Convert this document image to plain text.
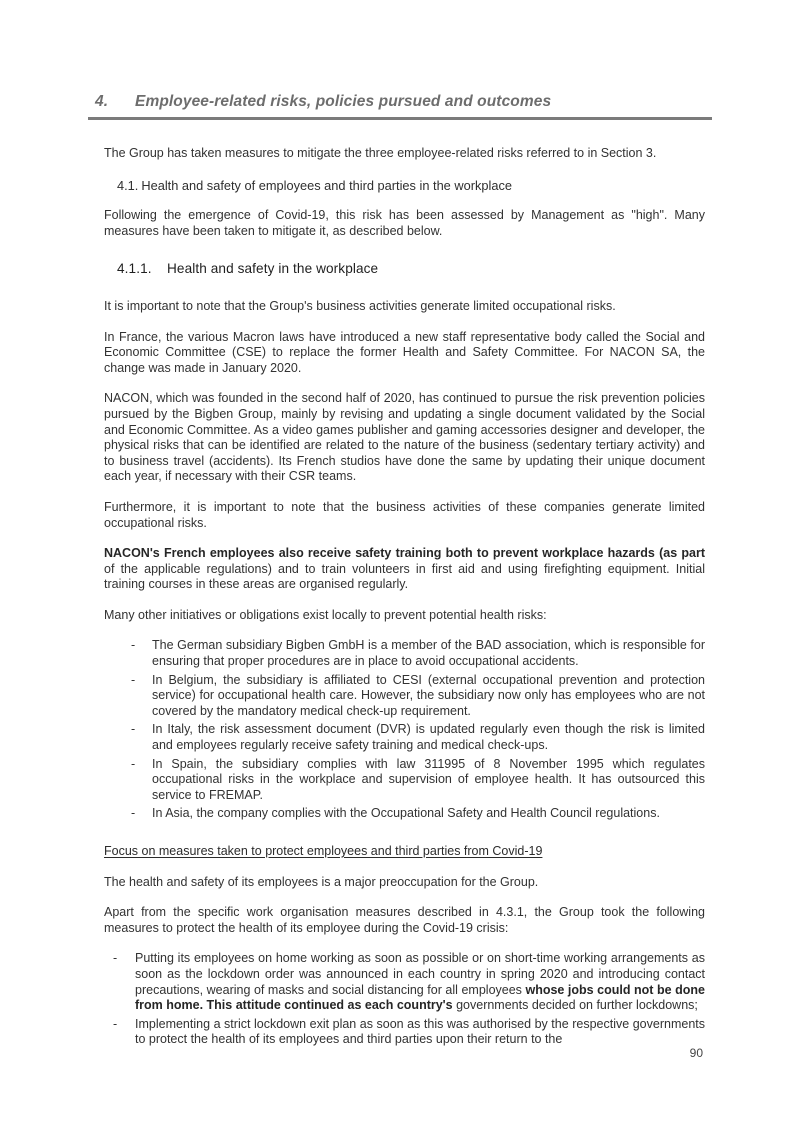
4.	Employee-related risks, policies pursued and outcomes

The Group has taken measures to mitigate the three employee-related risks referred to in Section 3.

4.1. Health and safety of employees and third parties in the workplace

Following the emergence of Covid-19, this risk has been assessed by Management as "high". Many measures have been taken to mitigate it, as described below.

4.1.1.	Health and safety in the workplace

It is important to note that the Group's business activities generate limited occupational risks.

In France, the various Macron laws have introduced a new staff representative body called the Social and Economic Committee (CSE) to replace the former Health and Safety Committee. For NACON SA, the change was made in January 2020.

NACON, which was founded in the second half of 2020, has continued to pursue the risk prevention policies pursued by the Bigben Group, mainly by revising and updating a single document validated by the Social and Economic Committee. As a video games publisher and gaming accessories designer and developer, the physical risks that can be identified are related to the nature of the business (sedentary tertiary activity) and to business travel (accidents). Its French studios have done the same by updating their unique document each year, if necessary with their CSR teams.

Furthermore, it is important to note that the business activities of these companies generate limited occupational risks.

NACON's French employees also receive safety training both to prevent workplace hazards (as part of the applicable regulations) and to train volunteers in first aid and using firefighting equipment. Initial training courses in these areas are organised regularly.

Many other initiatives or obligations exist locally to prevent potential health risks:

-	The German subsidiary Bigben GmbH is a member of the BAD association, which is responsible for ensuring that proper procedures are in place to avoid occupational accidents.
-	In Belgium, the subsidiary is affiliated to CESI (external occupational prevention and protection service) for occupational health care. However, the subsidiary now only has employees who are not covered by the mandatory medical check-up requirement.
-	In Italy, the risk assessment document (DVR) is updated regularly even though the risk is limited and employees regularly receive safety training and medical check-ups.
-	In Spain, the subsidiary complies with law 311995 of 8 November 1995 which regulates occupational risks in the workplace and supervision of employee health. It has outsourced this service to FREMAP.
-	In Asia, the company complies with the Occupational Safety and Health Council regulations.

Focus on measures taken to protect employees and third parties from Covid-19

The health and safety of its employees is a major preoccupation for the Group.

Apart from the specific work organisation measures described in 4.3.1, the Group took the following measures to protect the health of its employee during the Covid-19 crisis:

-	Putting its employees on home working as soon as possible or on short-time working arrangements as soon as the lockdown order was announced in each country in spring 2020 and introducing contact precautions, wearing of masks and social distancing for all employees whose jobs could not be done from home. This attitude continued as each country's governments decided on further lockdowns;
-	Implementing a strict lockdown exit plan as soon as this was authorised by the respective governments to protect the health of its employees and third parties upon their return to the
90
